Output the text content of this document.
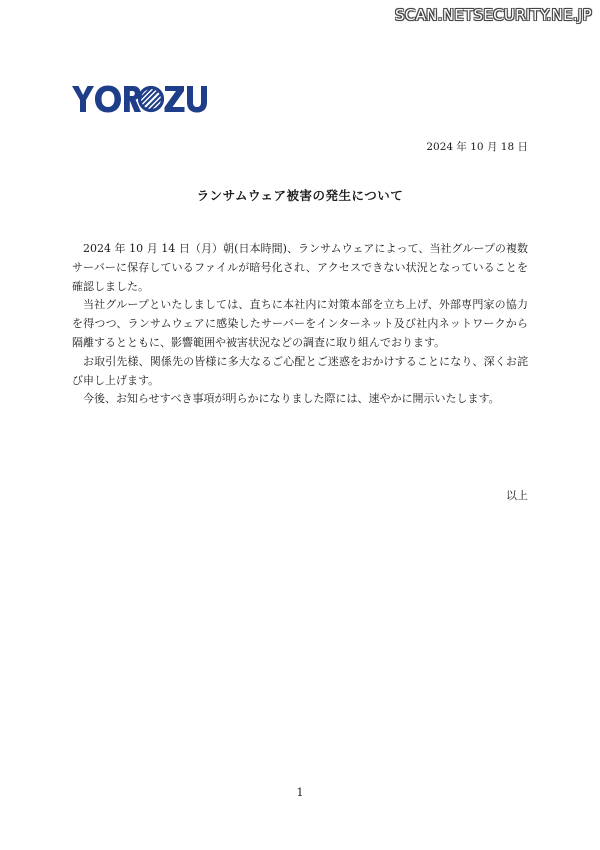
SCAN.NETSECURITY.NE.JP
2024 年 10 月 18 日
ランサムウェア被害の発生について

2024 年 10 月 14 日（月）朝(日本時間)、ランサムウェアによって、当社グループの複数サーバーに保存しているファイルが暗号化され、アクセスできない状況となっていることを確認しました。

当社グループといたしましては、直ちに本社内に対策本部を立ち上げ、外部専門家の協力を得つつ、ランサムウェアに感染したサーバーをインターネット及び社内ネットワークから隔離するとともに、影響範囲や被害状況などの調査に取り組んでおります。

お取引先様、関係先の皆様に多大なるご心配とご迷惑をおかけすることになり、深くお詫び申し上げます。

今後、お知らせすべき事項が明らかになりました際には、速やかに開示いたします。

以上
1
